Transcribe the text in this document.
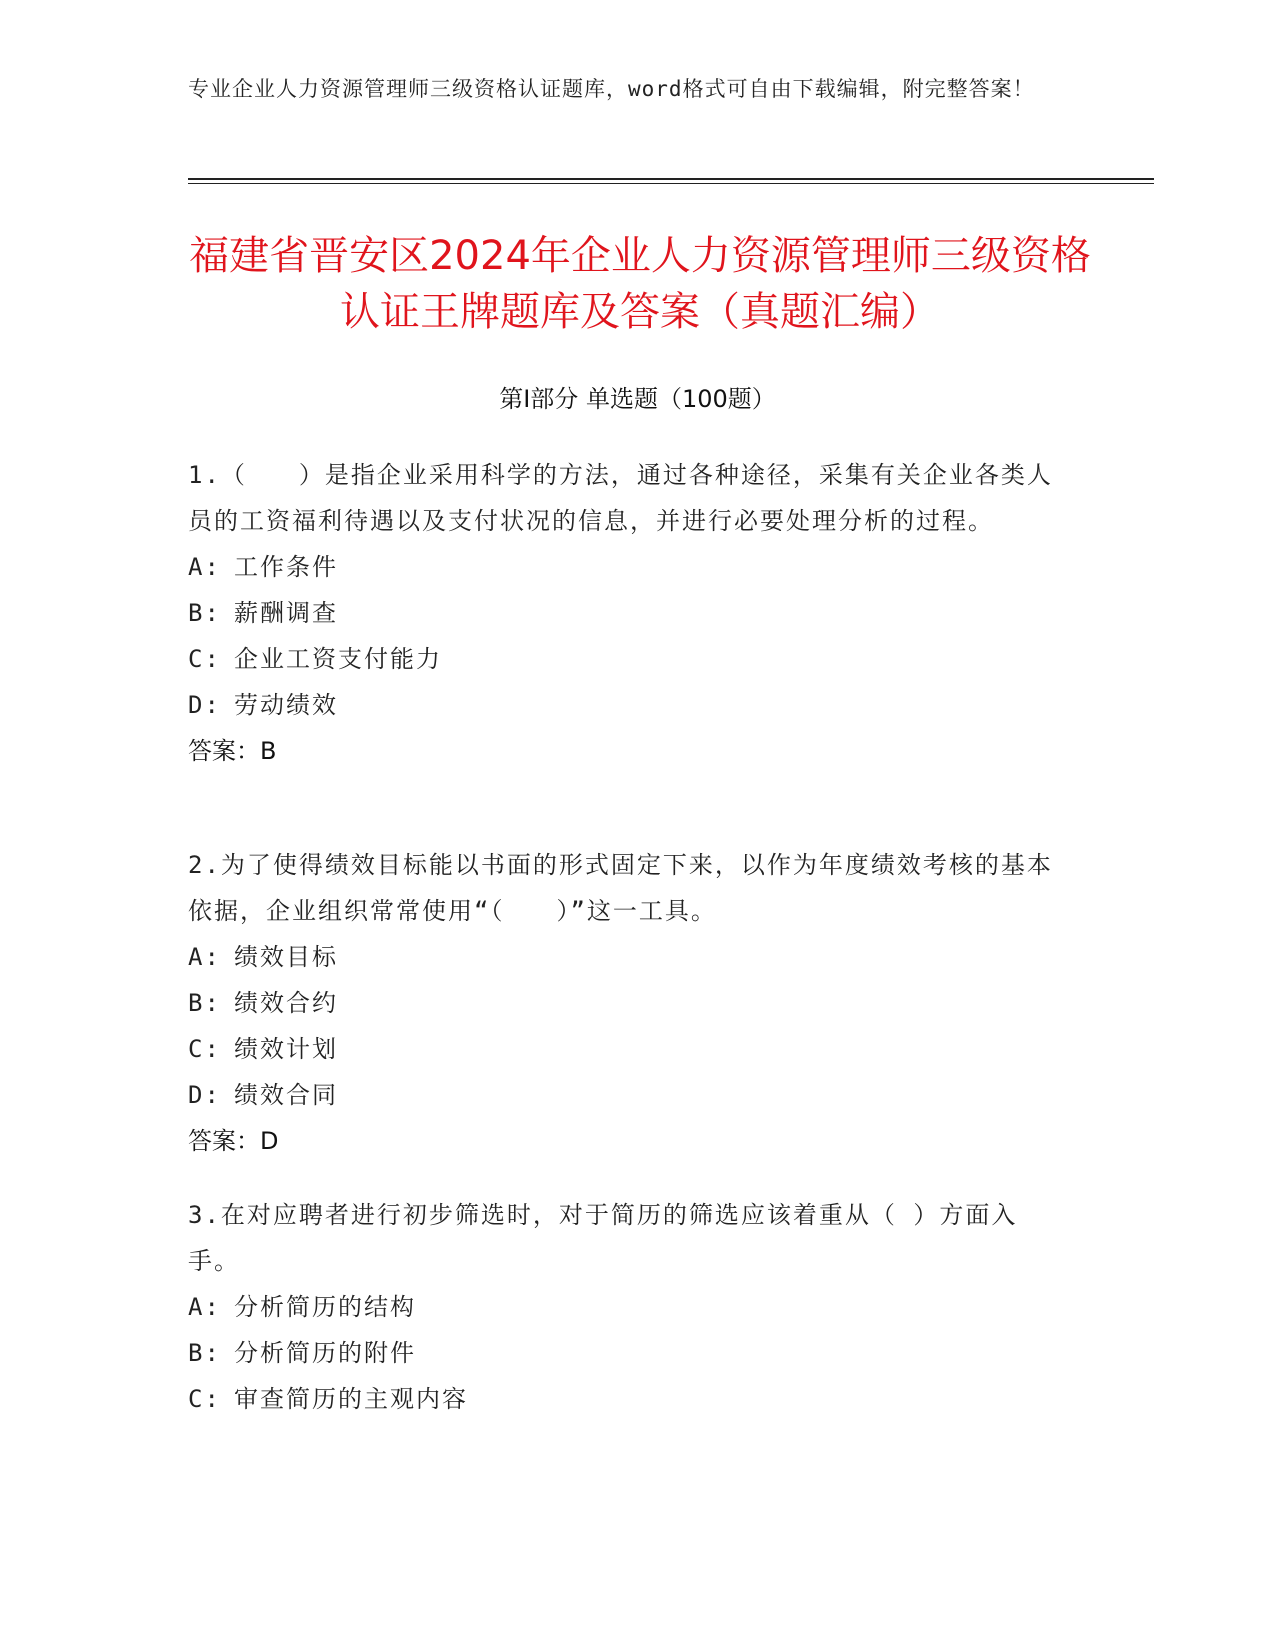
专业企业人力资源管理师三级资格认证题库，word格式可自由下载编辑，附完整答案！
福建省晋安区2024年企业人力资源管理师三级资格认证王牌题库及答案（真题汇编）
第Ⅰ部分 单选题（100题）
1.（　　）是指企业采用科学的方法，通过各种途径，采集有关企业各类人员的工资福利待遇以及支付状况的信息，并进行必要处理分析的过程。
A: 工作条件
B: 薪酬调查
C: 企业工资支付能力
D: 劳动绩效
答案：B
2.为了使得绩效目标能以书面的形式固定下来，以作为年度绩效考核的基本依据，企业组织常常使用“（　　）”这一工具。
A: 绩效目标
B: 绩效合约
C: 绩效计划
D: 绩效合同
答案：D
3.在对应聘者进行初步筛选时，对于简历的筛选应该着重从（ ）方面入手。
A: 分析简历的结构
B: 分析简历的附件
C: 审查简历的主观内容
